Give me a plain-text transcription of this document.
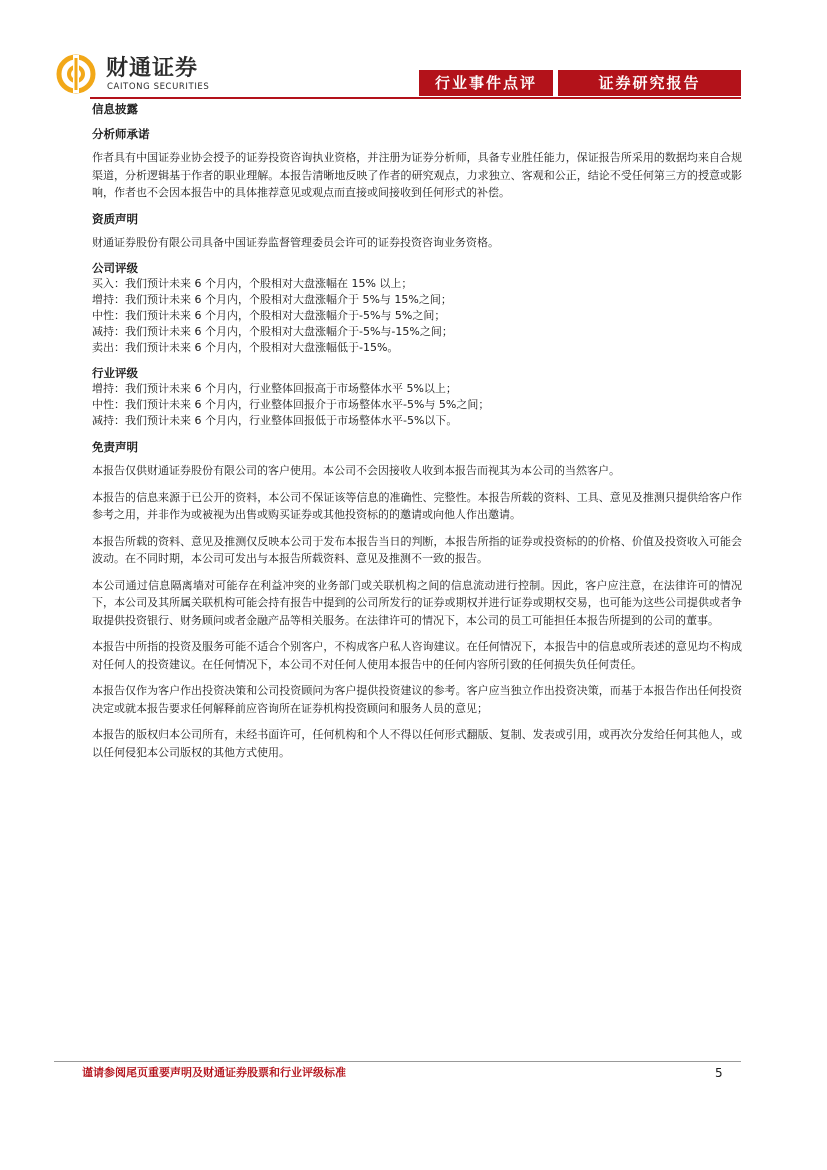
财通证券
CAITONG SECURITIES	行业事件点评	证券研究报告

信息披露

分析师承诺

作者具有中国证券业协会授予的证券投资咨询执业资格，并注册为证券分析师，具备专业胜任能力，保证报告所采用的数据均来自合规渠道，分析逻辑基于作者的职业理解。本报告清晰地反映了作者的研究观点，力求独立、客观和公正，结论不受任何第三方的授意或影响，作者也不会因本报告中的具体推荐意见或观点而直接或间接收到任何形式的补偿。

资质声明

财通证券股份有限公司具备中国证券监督管理委员会许可的证券投资咨询业务资格。

公司评级

买入：我们预计未来 6 个月内，个股相对大盘涨幅在 15% 以上；

增持：我们预计未来 6 个月内，个股相对大盘涨幅介于 5%与 15%之间；

中性：我们预计未来 6 个月内，个股相对大盘涨幅介于-5%与 5%之间；

减持：我们预计未来 6 个月内，个股相对大盘涨幅介于-5%与-15%之间；

卖出：我们预计未来 6 个月内，个股相对大盘涨幅低于-15%。

行业评级

增持：我们预计未来 6 个月内，行业整体回报高于市场整体水平 5%以上；

中性：我们预计未来 6 个月内，行业整体回报介于市场整体水平-5%与 5%之间；

减持：我们预计未来 6 个月内，行业整体回报低于市场整体水平-5%以下。

免责声明

本报告仅供财通证券股份有限公司的客户使用。本公司不会因接收人收到本报告而视其为本公司的当然客户。

本报告的信息来源于已公开的资料，本公司不保证该等信息的准确性、完整性。本报告所载的资料、工具、意见及推测只提供给客户作参考之用，并非作为或被视为出售或购买证券或其他投资标的的邀请或向他人作出邀请。

本报告所载的资料、意见及推测仅反映本公司于发布本报告当日的判断，本报告所指的证券或投资标的的价格、价值及投资收入可能会波动。在不同时期，本公司可发出与本报告所载资料、意见及推测不一致的报告。

本公司通过信息隔离墙对可能存在利益冲突的业务部门或关联机构之间的信息流动进行控制。因此，客户应注意，在法律许可的情况下，本公司及其所属关联机构可能会持有报告中提到的公司所发行的证券或期权并进行证券或期权交易，也可能为这些公司提供或者争取提供投资银行、财务顾问或者金融产品等相关服务。在法律许可的情况下，本公司的员工可能担任本报告所提到的公司的董事。

本报告中所指的投资及服务可能不适合个别客户，不构成客户私人咨询建议。在任何情况下，本报告中的信息或所表述的意见均不构成对任何人的投资建议。在任何情况下，本公司不对任何人使用本报告中的任何内容所引致的任何损失负任何责任。

本报告仅作为客户作出投资决策和公司投资顾问为客户提供投资建议的参考。客户应当独立作出投资决策，而基于本报告作出任何投资决定或就本报告要求任何解释前应咨询所在证券机构投资顾问和服务人员的意见；

本报告的版权归本公司所有，未经书面许可，任何机构和个人不得以任何形式翻版、复制、发表或引用，或再次分发给任何其他人，或以任何侵犯本公司版权的其他方式使用。

谨请参阅尾页重要声明及财通证券股票和行业评级标准	5
